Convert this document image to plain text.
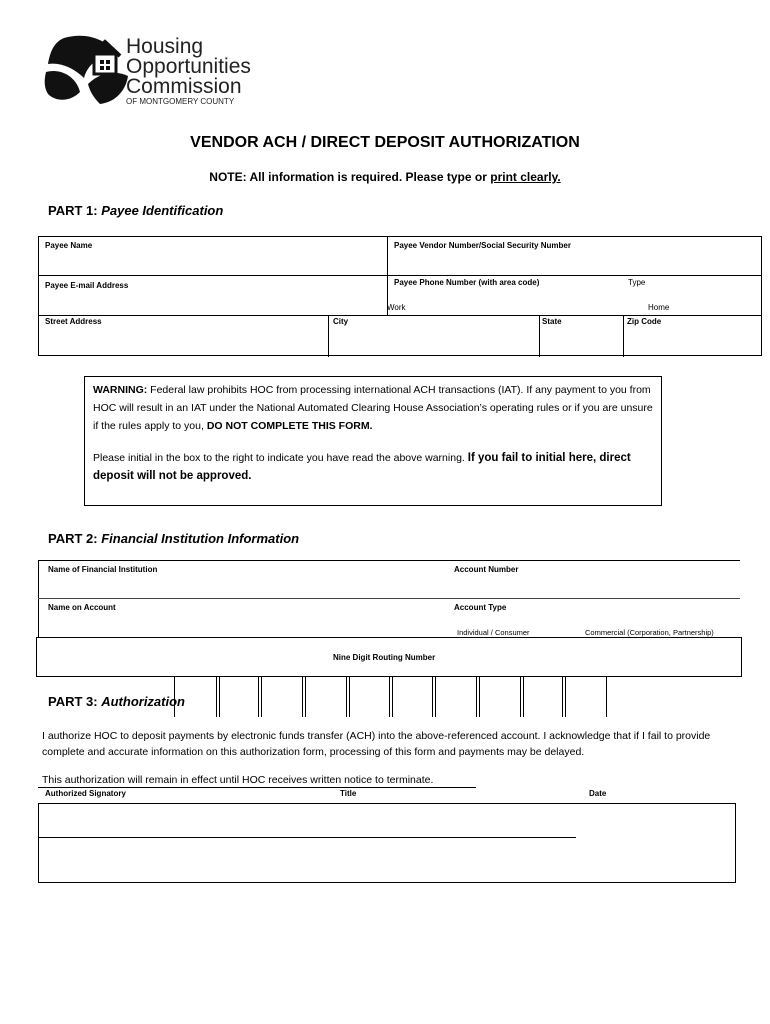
Housing
Opportunities
Commission
OF MONTGOMERY COUNTY
VENDOR ACH / DIRECT DEPOSIT AUTHORIZATION
NOTE: All information is required. Please type or print clearly.
PART 1: Payee Identification
Payee Name	Payee Vendor Number/Social Security Number
Payee E-mail Address	Payee Phone Number (with area code)	Type
Work	Home
Street Address	City	State	Zip Code
WARNING: Federal law prohibits HOC from processing international ACH transactions (IAT). If any payment to you from HOC will result in an IAT under the National Automated Clearing House Association’s operating rules or if you are unsure if the rules apply to you, DO NOT COMPLETE THIS FORM.
Please initial in the box to the right to indicate you have read the above warning. If you fail to initial here, direct deposit will not be approved.
PART 2: Financial Institution Information
Name of Financial Institution	Account Number
Name on Account	Account Type
Individual / Consumer	Commercial (Corporation, Partnership)
Nine Digit Routing Number
PART 3: Authorization
I authorize HOC to deposit payments by electronic funds transfer (ACH) into the above-referenced account. I acknowledge that if I fail to provide complete and accurate information on this authorization form, processing of this form and payments may be delayed.
This authorization will remain in effect until HOC receives written notice to terminate.
Authorized Signatory	Title	Date
